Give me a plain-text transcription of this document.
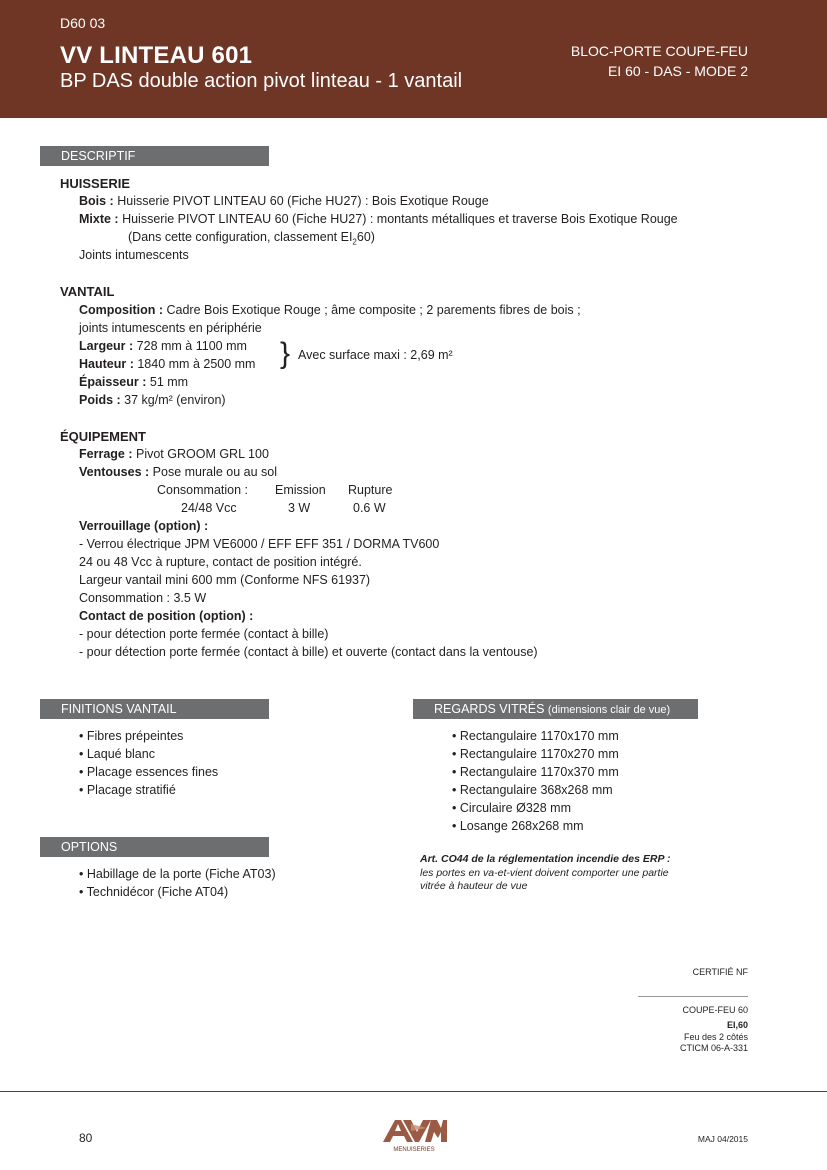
D60 03
VV LINTEAU 601
BP DAS double action pivot linteau - 1 vantail
BLOC-PORTE COUPE-FEU
EI 60 - DAS - MODE 2
DESCRIPTIF
HUISSERIE
Bois : Huisserie PIVOT LINTEAU 60 (Fiche HU27) : Bois Exotique Rouge
Mixte : Huisserie PIVOT LINTEAU 60 (Fiche HU27) : montants métalliques et traverse Bois Exotique Rouge
(Dans cette configuration, classement $EI_260$)
Joints intumescents
VANTAIL
Composition : Cadre Bois Exotique Rouge ; âme composite ; 2 parements fibres de bois ;
joints intumescents en périphérie
Largeur : 728 mm à 1100 mm
Hauteur : 1840 mm à 2500 mm } Avec surface maxi : 2,69 m²
Épaisseur : 51 mm
Poids : 37 kg/m² (environ)
ÉQUIPEMENT
Ferrage : Pivot GROOM GRL 100
Ventouses : Pose murale ou au sol
Consommation : Emission Rupture
24/48 Vcc	3 W	0.6 W
Verrouillage (option) :
- Verrou électrique JPM VE6000 / EFF EFF 351 / DORMA TV600
24 ou 48 Vcc à rupture, contact de position intégré.
Largeur vantail mini 600 mm (Conforme NFS 61937)
Consommation : 3.5 W
Contact de position (option) :
- pour détection porte fermée (contact à bille)
- pour détection porte fermée (contact à bille) et ouverte (contact dans la ventouse)
FINITIONS VANTAIL
• Fibres prépeintes
• Laqué blanc
• Placage essences fines
• Placage stratifié
REGARDS VITRÉS (dimensions clair de vue)
• Rectangulaire 1170x170 mm
• Rectangulaire 1170x270 mm
• Rectangulaire 1170x370 mm
• Rectangulaire 368x268 mm
• Circulaire Ø328 mm
• Losange 268x268 mm
Art. CO44 de la réglementation incendie des ERP :
les portes en va-et-vient doivent comporter une partie
vitrée à hauteur de vue
OPTIONS
• Habillage de la porte (Fiche AT03)
• Technidécor (Fiche AT04)
CERTIFIÉ NF
COUPE-FEU 60
EI,60
Feu des 2 côtés
CTICM 06-A-331
80
MENUISERIES
MAJ 04/2015
